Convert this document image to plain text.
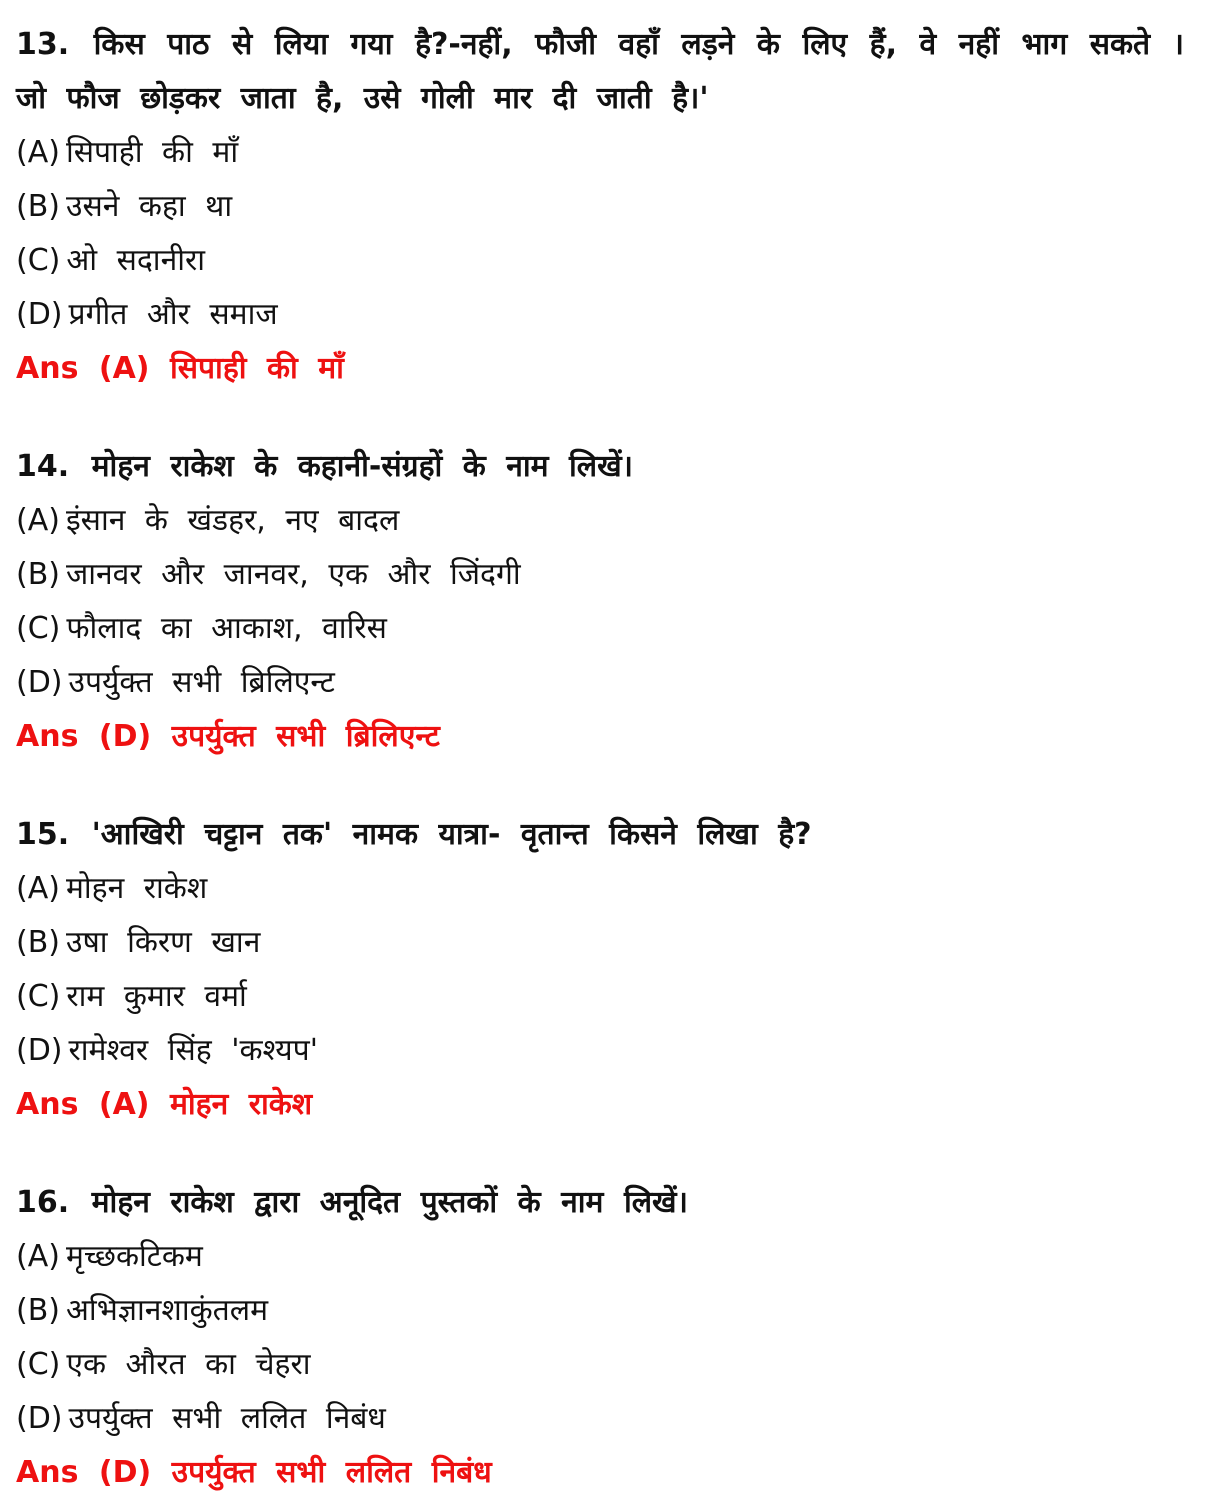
13. किस पाठ से लिया गया है?-नहीं, फौजी वहाँ लड़ने के लिए हैं, वे नहीं भाग सकते । जो फौज छोड़कर जाता है, उसे गोली मार दी जाती है।'

(A) सिपाही की माँ

(B) उसने कहा था

(C) ओ सदानीरा

(D) प्रगीत और समाज

Ans (A) सिपाही की माँ

14. मोहन राकेश के कहानी-संग्रहों के नाम लिखें।

(A) इंसान के खंडहर, नए बादल

(B) जानवर और जानवर, एक और जिंदगी

(C) फौलाद का आकाश, वारिस

(D) उपर्युक्त सभी ब्रिलिएन्ट

Ans (D) उपर्युक्त सभी ब्रिलिएन्ट

15. 'आखिरी चट्टान तक' नामक यात्रा- वृतान्त किसने लिखा है?

(A) मोहन राकेश

(B) उषा किरण खान

(C) राम कुमार वर्मा

(D) रामेश्वर सिंह 'कश्यप'

Ans (A) मोहन राकेश

16. मोहन राकेश द्वारा अनूदित पुस्तकों के नाम लिखें।

(A) मृच्छकटिकम

(B) अभिज्ञानशाकुंतलम

(C) एक औरत का चेहरा

(D) उपर्युक्त सभी ललित निबंध

Ans (D) उपर्युक्त सभी ललित निबंध
